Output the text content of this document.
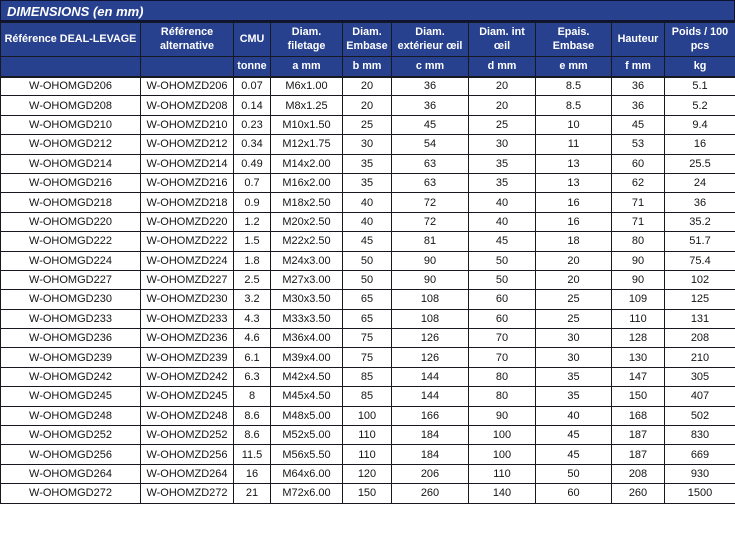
DIMENSIONS (en mm)
Référence DEAL-LEVAGE	Référence alternative	CMU	Diam. filetage	Diam. Embase	Diam. extérieur œil	Diam. int œil	Epais. Embase	Hauteur	Poids / 100 pcs
		tonne	a mm	b mm	c mm	d mm	e mm	f mm	kg
W-OHOMGD206	W-OHOMZD206	0.07	M6x1.00	20	36	20	8.5	36	5.1
W-OHOMGD208	W-OHOMZD208	0.14	M8x1.25	20	36	20	8.5	36	5.2
W-OHOMGD210	W-OHOMZD210	0.23	M10x1.50	25	45	25	10	45	9.4
W-OHOMGD212	W-OHOMZD212	0.34	M12x1.75	30	54	30	11	53	16
W-OHOMGD214	W-OHOMZD214	0.49	M14x2.00	35	63	35	13	60	25.5
W-OHOMGD216	W-OHOMZD216	0.7	M16x2.00	35	63	35	13	62	24
W-OHOMGD218	W-OHOMZD218	0.9	M18x2.50	40	72	40	16	71	36
W-OHOMGD220	W-OHOMZD220	1.2	M20x2.50	40	72	40	16	71	35.2
W-OHOMGD222	W-OHOMZD222	1.5	M22x2.50	45	81	45	18	80	51.7
W-OHOMGD224	W-OHOMZD224	1.8	M24x3.00	50	90	50	20	90	75.4
W-OHOMGD227	W-OHOMZD227	2.5	M27x3.00	50	90	50	20	90	102
W-OHOMGD230	W-OHOMZD230	3.2	M30x3.50	65	108	60	25	109	125
W-OHOMGD233	W-OHOMZD233	4.3	M33x3.50	65	108	60	25	110	131
W-OHOMGD236	W-OHOMZD236	4.6	M36x4.00	75	126	70	30	128	208
W-OHOMGD239	W-OHOMZD239	6.1	M39x4.00	75	126	70	30	130	210
W-OHOMGD242	W-OHOMZD242	6.3	M42x4.50	85	144	80	35	147	305
W-OHOMGD245	W-OHOMZD245	8	M45x4.50	85	144	80	35	150	407
W-OHOMGD248	W-OHOMZD248	8.6	M48x5.00	100	166	90	40	168	502
W-OHOMGD252	W-OHOMZD252	8.6	M52x5.00	110	184	100	45	187	830
W-OHOMGD256	W-OHOMZD256	11.5	M56x5.50	110	184	100	45	187	669
W-OHOMGD264	W-OHOMZD264	16	M64x6.00	120	206	110	50	208	930
W-OHOMGD272	W-OHOMZD272	21	M72x6.00	150	260	140	60	260	1500
